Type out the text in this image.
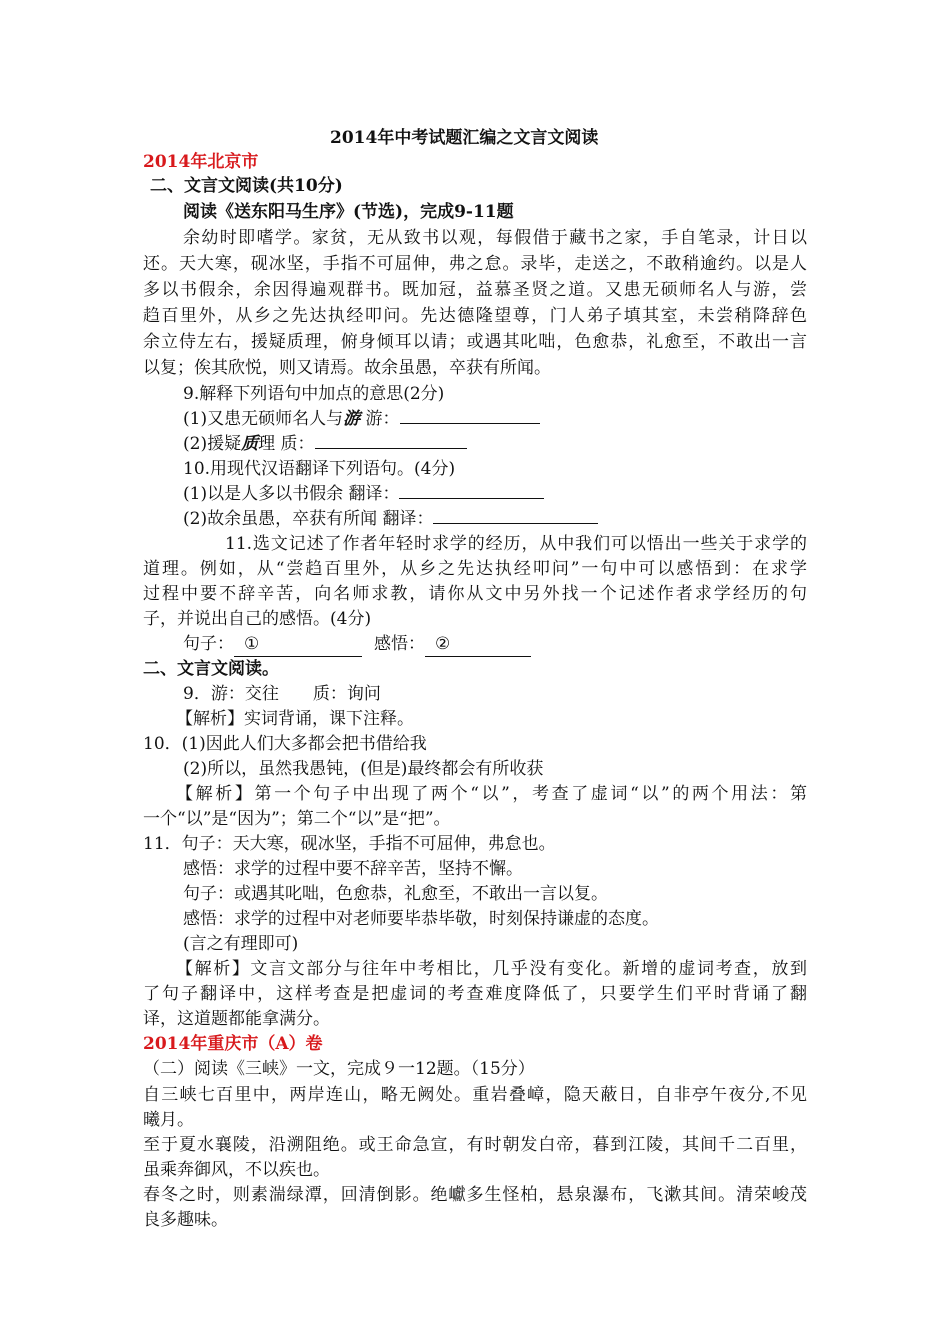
2014年中考试题汇编之文言文阅读
2014年北京市
二、文言文阅读(共10分)
阅读《送东阳马生序》(节选)，完成9-11题
余幼时即嗜学。家贫，无从致书以观，每假借于藏书之家，手自笔录，计日以
还。天大寒，砚冰坚，手指不可屈伸，弗之怠。录毕，走送之，不敢稍逾约。以是人
多以书假余，余因得遍观群书。既加冠，益慕圣贤之道。又患无硕师名人与游，尝
趋百里外，从乡之先达执经叩问。先达德隆望尊，门人弟子填其室，未尝稍降辞色
余立侍左右，援疑质理，俯身倾耳以请；或遇其叱咄，色愈恭，礼愈至，不敢出一言
以复；俟其欣悦，则又请焉。故余虽愚，卒获有所闻。
9.解释下列语句中加点的意思(2分)
(1)又患无硕师名人与游 游：
(2)援疑质理 质：
10.用现代汉语翻译下列语句。(4分)
(1)以是人多以书假余 翻译：
(2)故余虽愚，卒获有所闻 翻译：
11.选文记述了作者年轻时求学的经历，从中我们可以悟出一些关于求学的
道理。例如，从“尝趋百里外，从乡之先达执经叩问”一句中可以感悟到：在求学
过程中要不辞辛苦，向名师求教，请你从文中另外找一个记述作者求学经历的句
子，并说出自己的感悟。(4分)
句子： ①	感悟： ②
二、文言文阅读。
9．游：交往　　质：询问
【解析】实词背诵，课下注释。
10．(1)因此人们大多都会把书借给我
(2)所以，虽然我愚钝，(但是)最终都会有所收获
【解析】第一个句子中出现了两个“以”，考查了虚词“以”的两个用法：第
一个“以”是“因为”；第二个“以”是“把”。
11．句子：天大寒，砚冰坚，手指不可屈伸，弗怠也。
感悟：求学的过程中要不辞辛苦，坚持不懈。
句子：或遇其叱咄，色愈恭，礼愈至，不敢出一言以复。
感悟：求学的过程中对老师要毕恭毕敬，时刻保持谦虚的态度。
(言之有理即可)
【解析】文言文部分与往年中考相比，几乎没有变化。新增的虚词考查，放到
了句子翻译中，这样考查是把虚词的考查难度降低了，只要学生们平时背诵了翻
译，这道题都能拿满分。
2014年重庆市（A）卷
（二）阅读《三峡》一文，完成９一12题。（15分）
自三峡七百里中，两岸连山，略无阙处。重岩叠嶂，隐天蔽日，自非亭午夜分,不见
曦月。
至于夏水襄陵，沿溯阻绝。或王命急宣，有时朝发白帝，暮到江陵，其间千二百里，
虽乘奔御风，不以疾也。
春冬之时，则素湍绿潭，回清倒影。绝巘多生怪柏，悬泉瀑布，飞漱其间。清荣峻茂
良多趣味。
